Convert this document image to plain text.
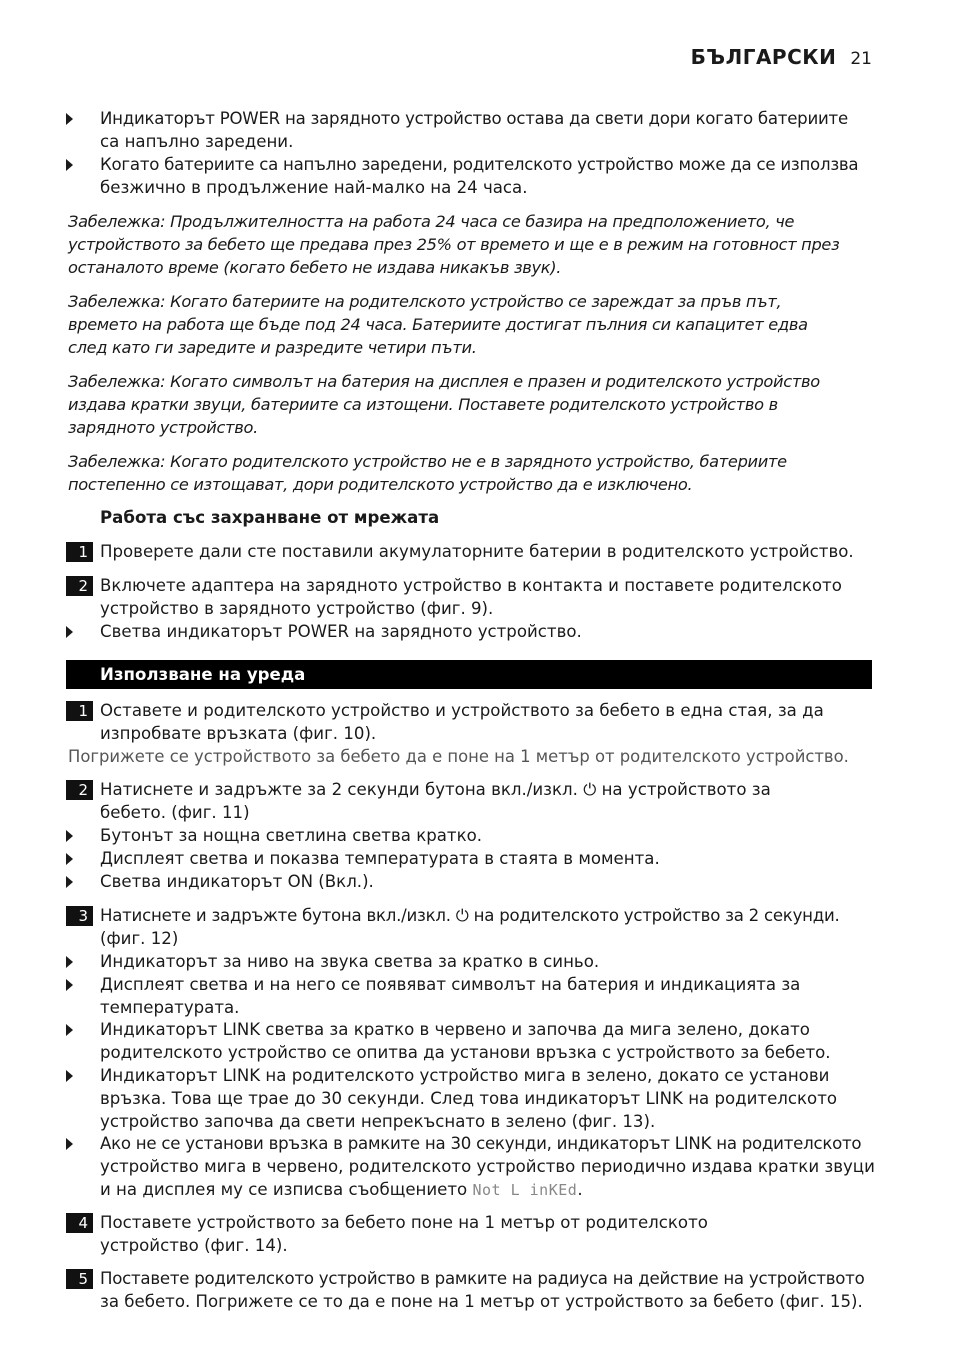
БЪЛГАРСКИ 21
Индикаторът POWER на зарядното устройство остава да свети дори когато батериите
са напълно заредени.
Когато батериите са напълно заредени, родителското устройство може да се използва
безжично в продължение най-малко на 24 часа.
Забележка: Продължителността на работа 24 часа се базира на предположението, че
устройството за бебето ще предава през 25% от времето и ще е в режим на готовност през
останалото време (когато бебето не издава никакъв звук).
Забележка: Когато батериите на родителското устройство се зареждат за пръв път,
времето на работа ще бъде под 24 часа. Батериите достигат пълния си капацитет едва
след като ги заредите и разредите четири пъти.
Забележка: Когато символът на батерия на дисплея е празен и родителското устройство
издава кратки звуци, батериите са изтощени. Поставете родителското устройство в
зарядното устройство.
Забележка: Когато родителското устройство не е в зарядното устройство, батериите
постепенно се изтощават, дори родителското устройство да е изключено.
Работа със захранване от мрежата
1 Проверете дали сте поставили акумулаторните батерии в родителското устройство.
2 Включете адаптера на зарядното устройство в контакта и поставете родителското
устройство в зарядното устройство (фиг. 9).
Светва индикаторът POWER на зарядното устройство.
Използване на уреда
1 Оставете и родителското устройство и устройството за бебето в една стая, за да
изпробвате връзката (фиг. 10).
Погрижете се устройството за бебето да е поне на 1 метър от родителското устройство.
2 Натиснете и задръжте за 2 секунди бутона вкл./изкл. ⏻ на устройството за
бебето. (фиг. 11)
Бутонът за нощна светлина светва кратко.
Дисплеят светва и показва температурата в стаята в момента.
Светва индикаторът ON (Вкл.).
3 Натиснете и задръжте бутона вкл./изкл. ⏻ на родителското устройство за 2 секунди.
(фиг. 12)
Индикаторът за ниво на звука светва за кратко в синьо.
Дисплеят светва и на него се появяват символът на батерия и индикацията за
температурата.
Индикаторът LINK светва за кратко в червено и започва да мига зелено, докато
родителското устройство се опитва да установи връзка с устройството за бебето.
Индикаторът LINK на родителското устройство мига в зелено, докато се установи
връзка. Това ще трае до 30 секунди. След това индикаторът LINK на родителското
устройство започва да свети непрекъснато в зелено (фиг. 13).
Ако не се установи връзка в рамките на 30 секунди, индикаторът LINK на родителското
устройство мига в червено, родителското устройство периодично издава кратки звуци
и на дисплея му се изписва съобщението Not L inKEd.
4 Поставете устройството за бебето поне на 1 метър от родителското
устройство (фиг. 14).
5 Поставете родителското устройство в рамките на радиуса на действие на устройството
за бебето. Погрижете се то да е поне на 1 метър от устройството за бебето (фиг. 15).
